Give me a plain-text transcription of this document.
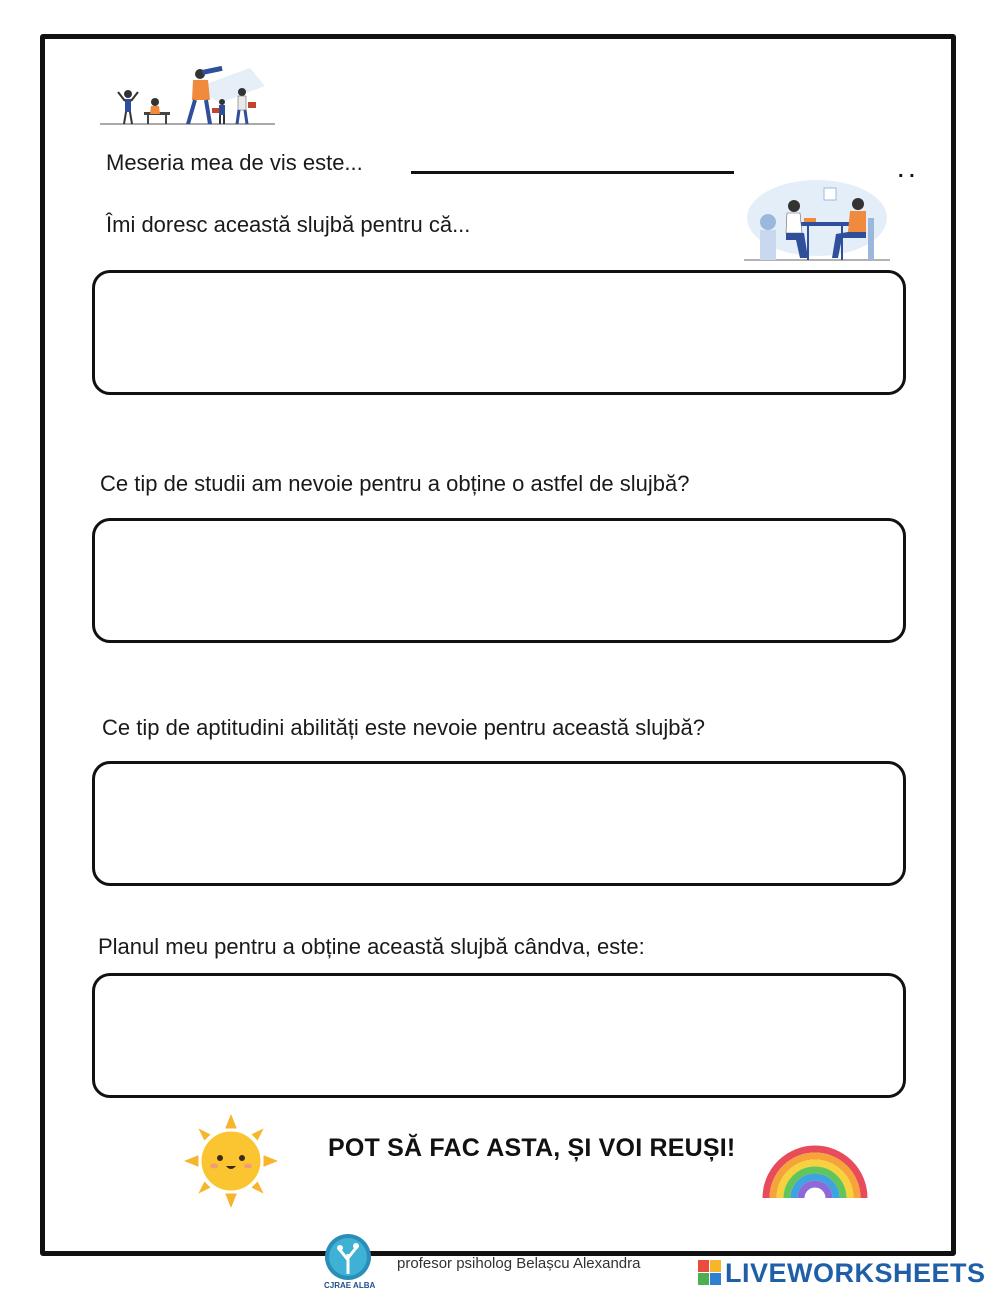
Meseria mea de vis este...	. .
Îmi doresc această slujbă pentru că...
Ce tip de studii am nevoie pentru a obține o astfel de slujbă?
Ce tip de aptitudini abilități este nevoie pentru această slujbă?
Planul meu pentru a obține această slujbă cândva, este:
POT SĂ FAC ASTA, ȘI VOI REUȘI!
CJRAE ALBA
profesor psiholog Belașcu Alexandra	LIVEWORKSHEETS
